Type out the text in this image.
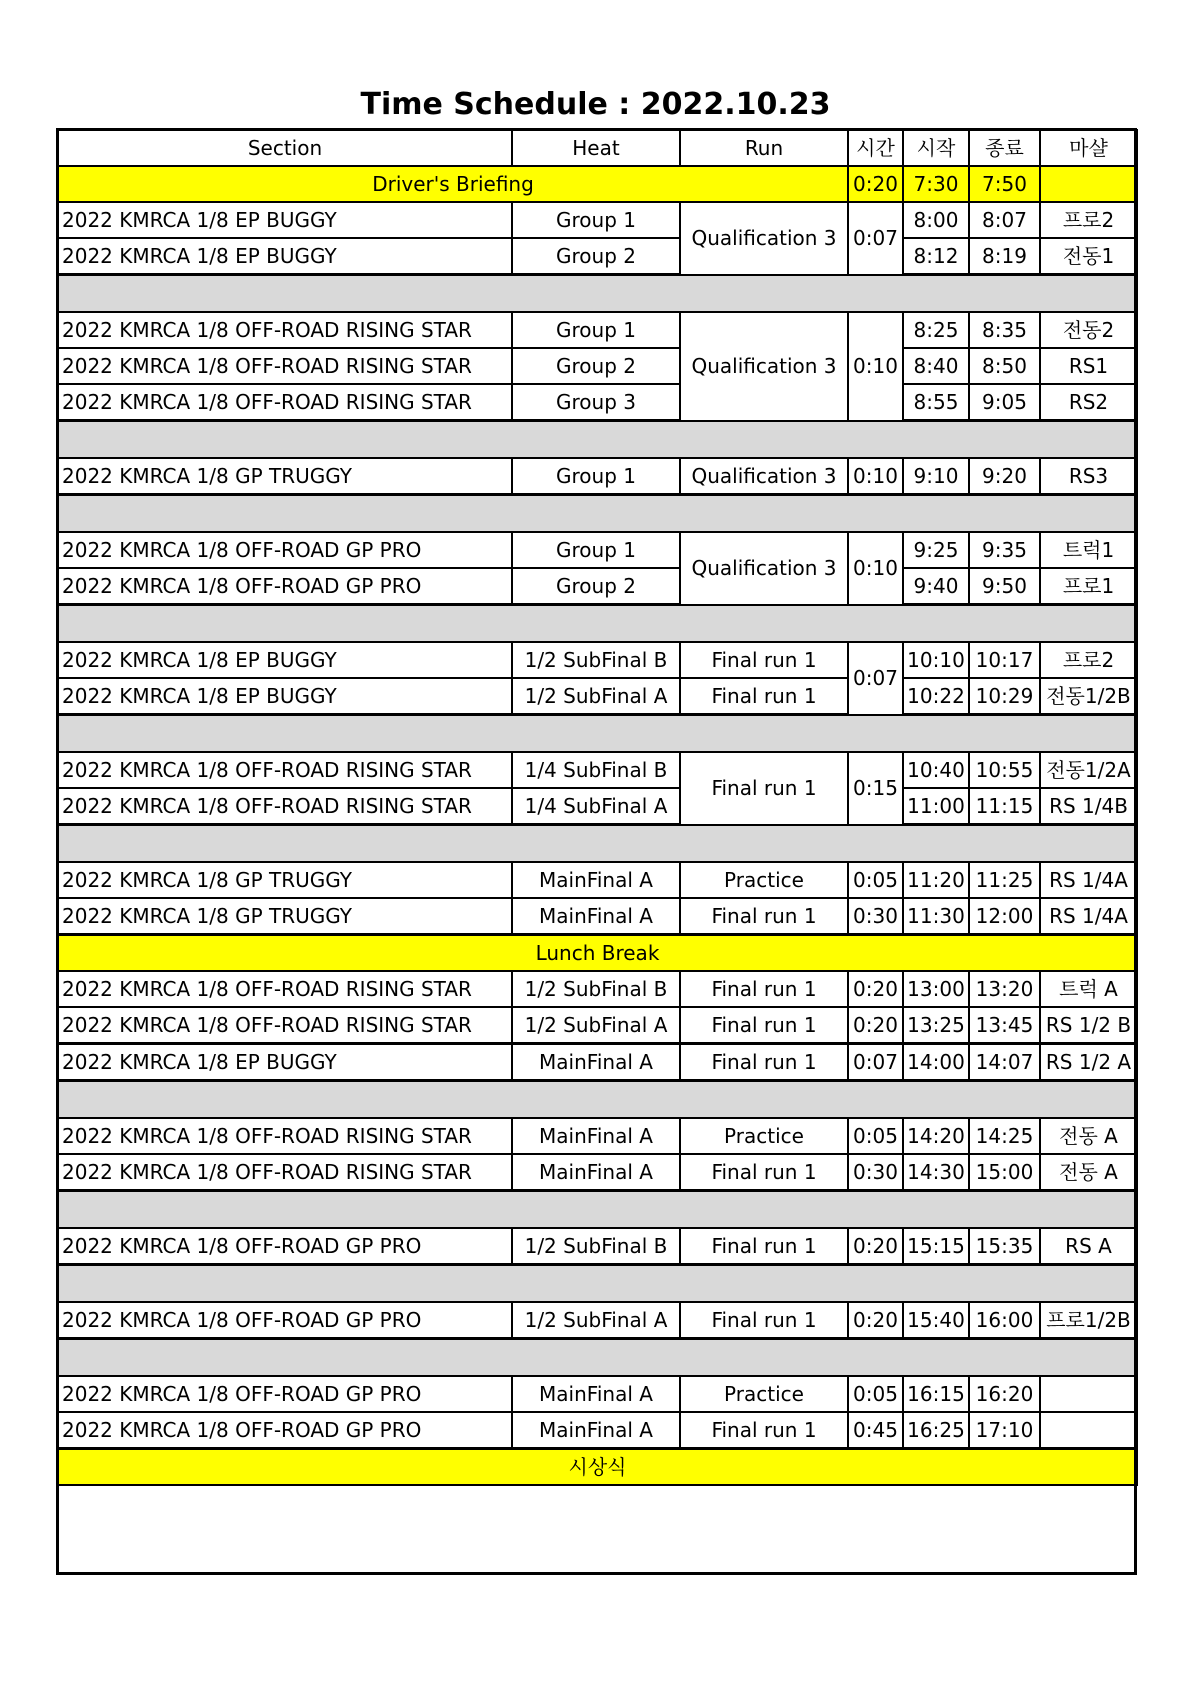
Time Schedule : 2022.10.23
Section	Heat	Run	시간	시작	종료	마샬
Driver's Briefing			0:20	7:30	7:50	
2022 KMRCA 1/8 EP BUGGY	Group 1	Qualification 3	0:07	8:00	8:07	프로2
2022 KMRCA 1/8 EP BUGGY	Group 2			8:12	8:19	전동1

2022 KMRCA 1/8 OFF-ROAD RISING STAR	Group 1	Qualification 3	0:10	8:25	8:35	전동2
2022 KMRCA 1/8 OFF-ROAD RISING STAR	Group 2			8:40	8:50	RS1
2022 KMRCA 1/8 OFF-ROAD RISING STAR	Group 3			8:55	9:05	RS2

2022 KMRCA 1/8 GP TRUGGY	Group 1	Qualification 3	0:10	9:10	9:20	RS3

2022 KMRCA 1/8 OFF-ROAD GP PRO	Group 1	Qualification 3	0:10	9:25	9:35	트럭1
2022 KMRCA 1/8 OFF-ROAD GP PRO	Group 2			9:40	9:50	프로1

2022 KMRCA 1/8 EP BUGGY	1/2 SubFinal B	Final run 1	0:07	10:10	10:17	프로2
2022 KMRCA 1/8 EP BUGGY	1/2 SubFinal A	Final run 1		10:22	10:29	전동1/2B

2022 KMRCA 1/8 OFF-ROAD RISING STAR	1/4 SubFinal B	Final run 1	0:15	10:40	10:55	전동1/2A
2022 KMRCA 1/8 OFF-ROAD RISING STAR	1/4 SubFinal A			11:00	11:15	RS 1/4B

2022 KMRCA 1/8 GP TRUGGY	MainFinal A	Practice	0:05	11:20	11:25	RS 1/4A
2022 KMRCA 1/8 GP TRUGGY	MainFinal A	Final run 1	0:30	11:30	12:00	RS 1/4A
Lunch Break						
2022 KMRCA 1/8 OFF-ROAD RISING STAR	1/2 SubFinal B	Final run 1	0:20	13:00	13:20	트럭 A
2022 KMRCA 1/8 OFF-ROAD RISING STAR	1/2 SubFinal A	Final run 1	0:20	13:25	13:45	RS 1/2 B
2022 KMRCA 1/8 EP BUGGY	MainFinal A	Final run 1	0:07	14:00	14:07	RS 1/2 A

2022 KMRCA 1/8 OFF-ROAD RISING STAR	MainFinal A	Practice	0:05	14:20	14:25	전동 A
2022 KMRCA 1/8 OFF-ROAD RISING STAR	MainFinal A	Final run 1	0:30	14:30	15:00	전동 A

2022 KMRCA 1/8 OFF-ROAD GP PRO	1/2 SubFinal B	Final run 1	0:20	15:15	15:35	RS A

2022 KMRCA 1/8 OFF-ROAD GP PRO	1/2 SubFinal A	Final run 1	0:20	15:40	16:00	프로1/2B

2022 KMRCA 1/8 OFF-ROAD GP PRO	MainFinal A	Practice	0:05	16:15	16:20	
2022 KMRCA 1/8 OFF-ROAD GP PRO	MainFinal A	Final run 1	0:45	16:25	17:10	
시상식						
